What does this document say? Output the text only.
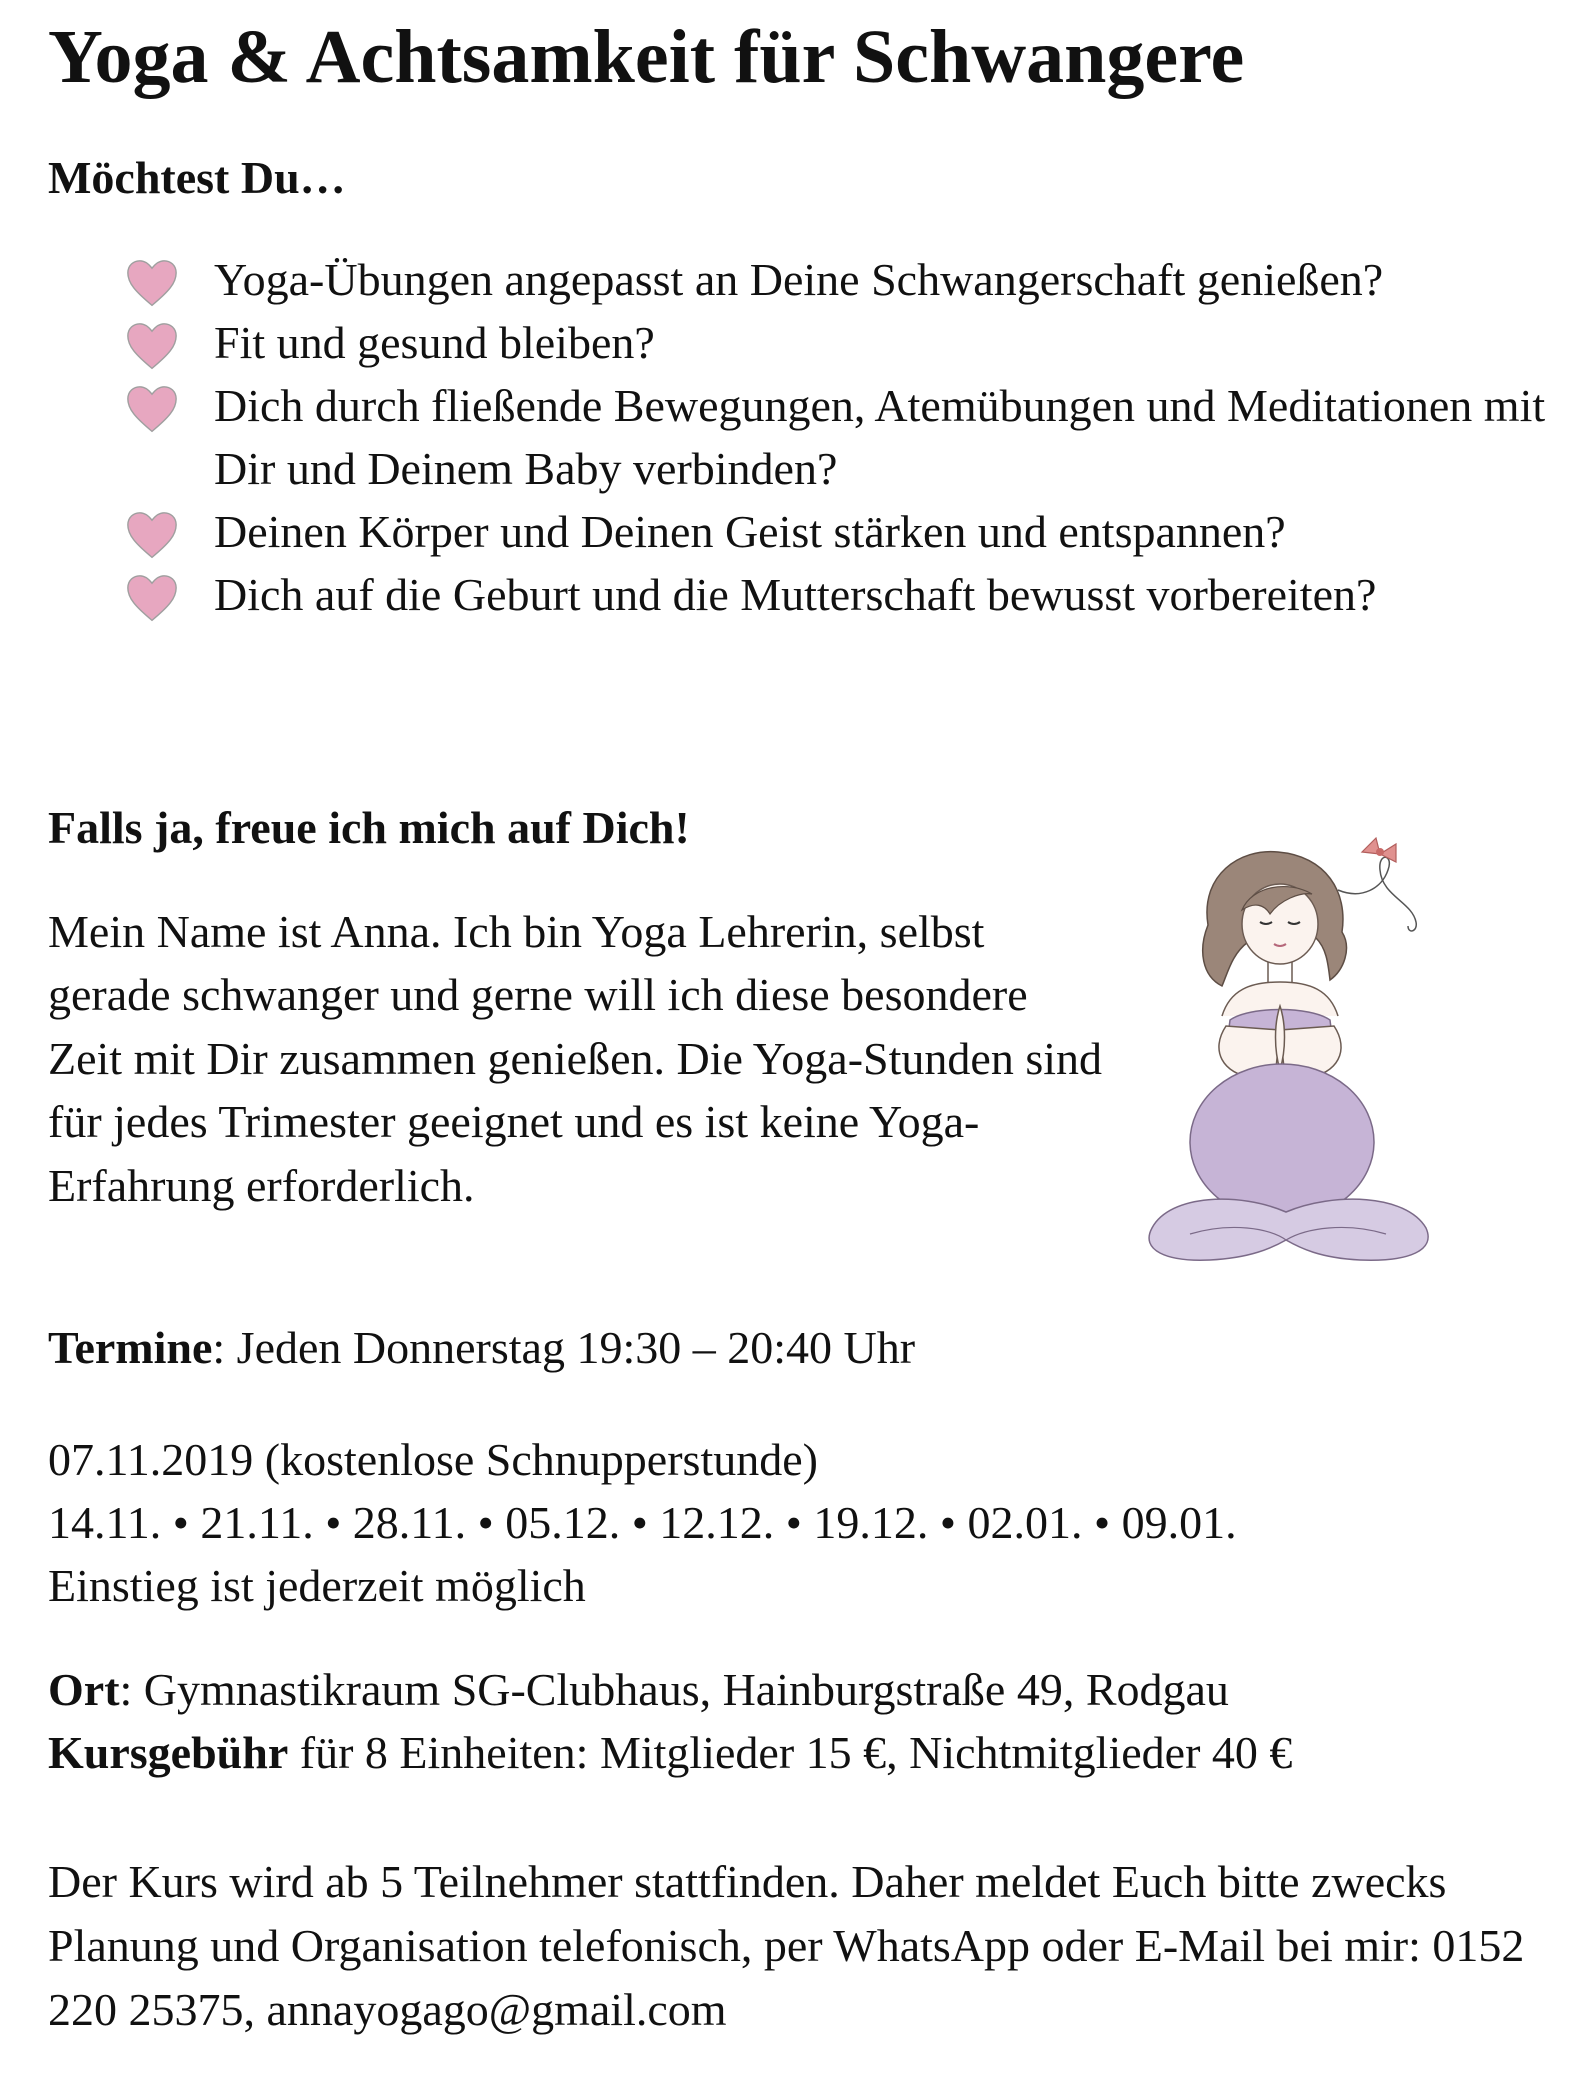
Yoga & Achtsamkeit für Schwangere

Möchtest Du…

Yoga-Übungen angepasst an Deine Schwangerschaft genießen?
Fit und gesund bleiben?
Dich durch fließende Bewegungen, Atemübungen und Meditationen mit Dir und Deinem Baby verbinden?
Deinen Körper und Deinen Geist stärken und entspannen?
Dich auf die Geburt und die Mutterschaft bewusst vorbereiten?

Falls ja, freue ich mich auf Dich!

Mein Name ist Anna. Ich bin Yoga Lehrerin, selbst gerade schwanger und gerne will ich diese besondere Zeit mit Dir zusammen genießen. Die Yoga-Stunden sind für jedes Trimester geeignet und es ist keine Yoga-Erfahrung erforderlich.

Termine: Jeden Donnerstag 19:30 – 20:40 Uhr

07.11.2019 (kostenlose Schnupperstunde)
14.11. • 21.11. • 28.11. • 05.12. • 12.12. • 19.12. • 02.01. • 09.01.
Einstieg ist jederzeit möglich
Ort: Gymnastikraum SG-Clubhaus, Hainburgstraße 49, Rodgau
Kursgebühr für 8 Einheiten: Mitglieder 15 €, Nichtmitglieder 40 €

Der Kurs wird ab 5 Teilnehmer stattfinden. Daher meldet Euch bitte zwecks Planung und Organisation telefonisch, per WhatsApp oder E-Mail bei mir: 0152 220 25375, annayogago@gmail.com
